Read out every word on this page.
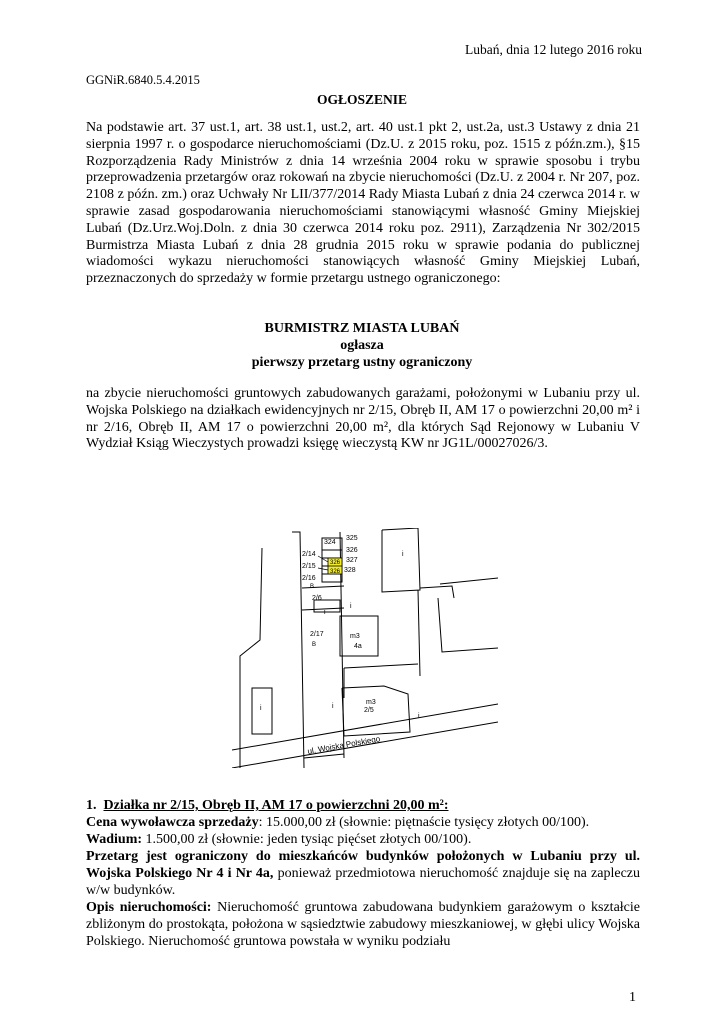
Lubań, dnia 12 lutego 2016 roku
GGNiR.6840.5.4.2015
OGŁOSZENIE
Na podstawie art. 37 ust.1, art. 38 ust.1, ust.2, art. 40 ust.1 pkt 2, ust.2a, ust.3 Ustawy z dnia 21 sierpnia 1997 r. o gospodarce nieruchomościami (Dz.U. z 2015 roku, poz. 1515 z późn.zm.), §15 Rozporządzenia Rady Ministrów z dnia 14 września 2004 roku w sprawie sposobu i trybu przeprowadzenia przetargów oraz rokowań na zbycie nieruchomości (Dz.U. z 2004 r. Nr 207, poz. 2108 z późn. zm.) oraz Uchwały Nr LII/377/2014 Rady Miasta Lubań z dnia 24 czerwca 2014 r. w sprawie zasad gospodarowania nieruchomościami stanowiącymi własność Gminy Miejskiej Lubań (Dz.Urz.Woj.Doln. z dnia 30 czerwca 2014 roku poz. 2911), Zarządzenia Nr 302/2015 Burmistrza Miasta Lubań z dnia 28 grudnia 2015 roku w sprawie podania do publicznej wiadomości wykazu nieruchomości stanowiących własność Gminy Miejskiej Lubań, przeznaczonych do sprzedaży w formie przetargu ustnego ograniczonego:
BURMISTRZ MIASTA LUBAŃ
ogłasza
pierwszy przetarg ustny ograniczony
na zbycie nieruchomości gruntowych zabudowanych garażami, położonymi w Lubaniu przy ul. Wojska Polskiego na działkach ewidencyjnych nr 2/15, Obręb II, AM 17 o powierzchni 20,00 m² i nr 2/16, Obręb II, AM 17 o powierzchni 20,00 m², dla których Sąd Rejonowy w Lubaniu V Wydział Ksiąg Wieczystych prowadzi księgę wieczystą KW nr JG1L/00027026/3.
324
325
326
327
328
326
326
2/14
2/15
2/16
B
2/6
2/17
B
m3
4a
m3
2/5
i
i
i
i	i
i
ul. Wojska Polskiego
1. Działka nr 2/15, Obręb II, AM 17 o powierzchni 20,00 m²:
Cena wywoławcza sprzedaży: 15.000,00 zł (słownie: piętnaście tysięcy złotych 00/100).
Wadium: 1.500,00 zł (słownie: jeden tysiąc pięćset złotych 00/100).
Przetarg jest ograniczony do mieszkańców budynków położonych w Lubaniu przy ul. Wojska Polskiego Nr 4 i Nr 4a, ponieważ przedmiotowa nieruchomość znajduje się na zapleczu w/w budynków.
Opis nieruchomości: Nieruchomość gruntowa zabudowana budynkiem garażowym o kształcie zbliżonym do prostokąta, położona w sąsiedztwie zabudowy mieszkaniowej, w głębi ulicy Wojska Polskiego. Nieruchomość gruntowa powstała w wyniku podziału
1
